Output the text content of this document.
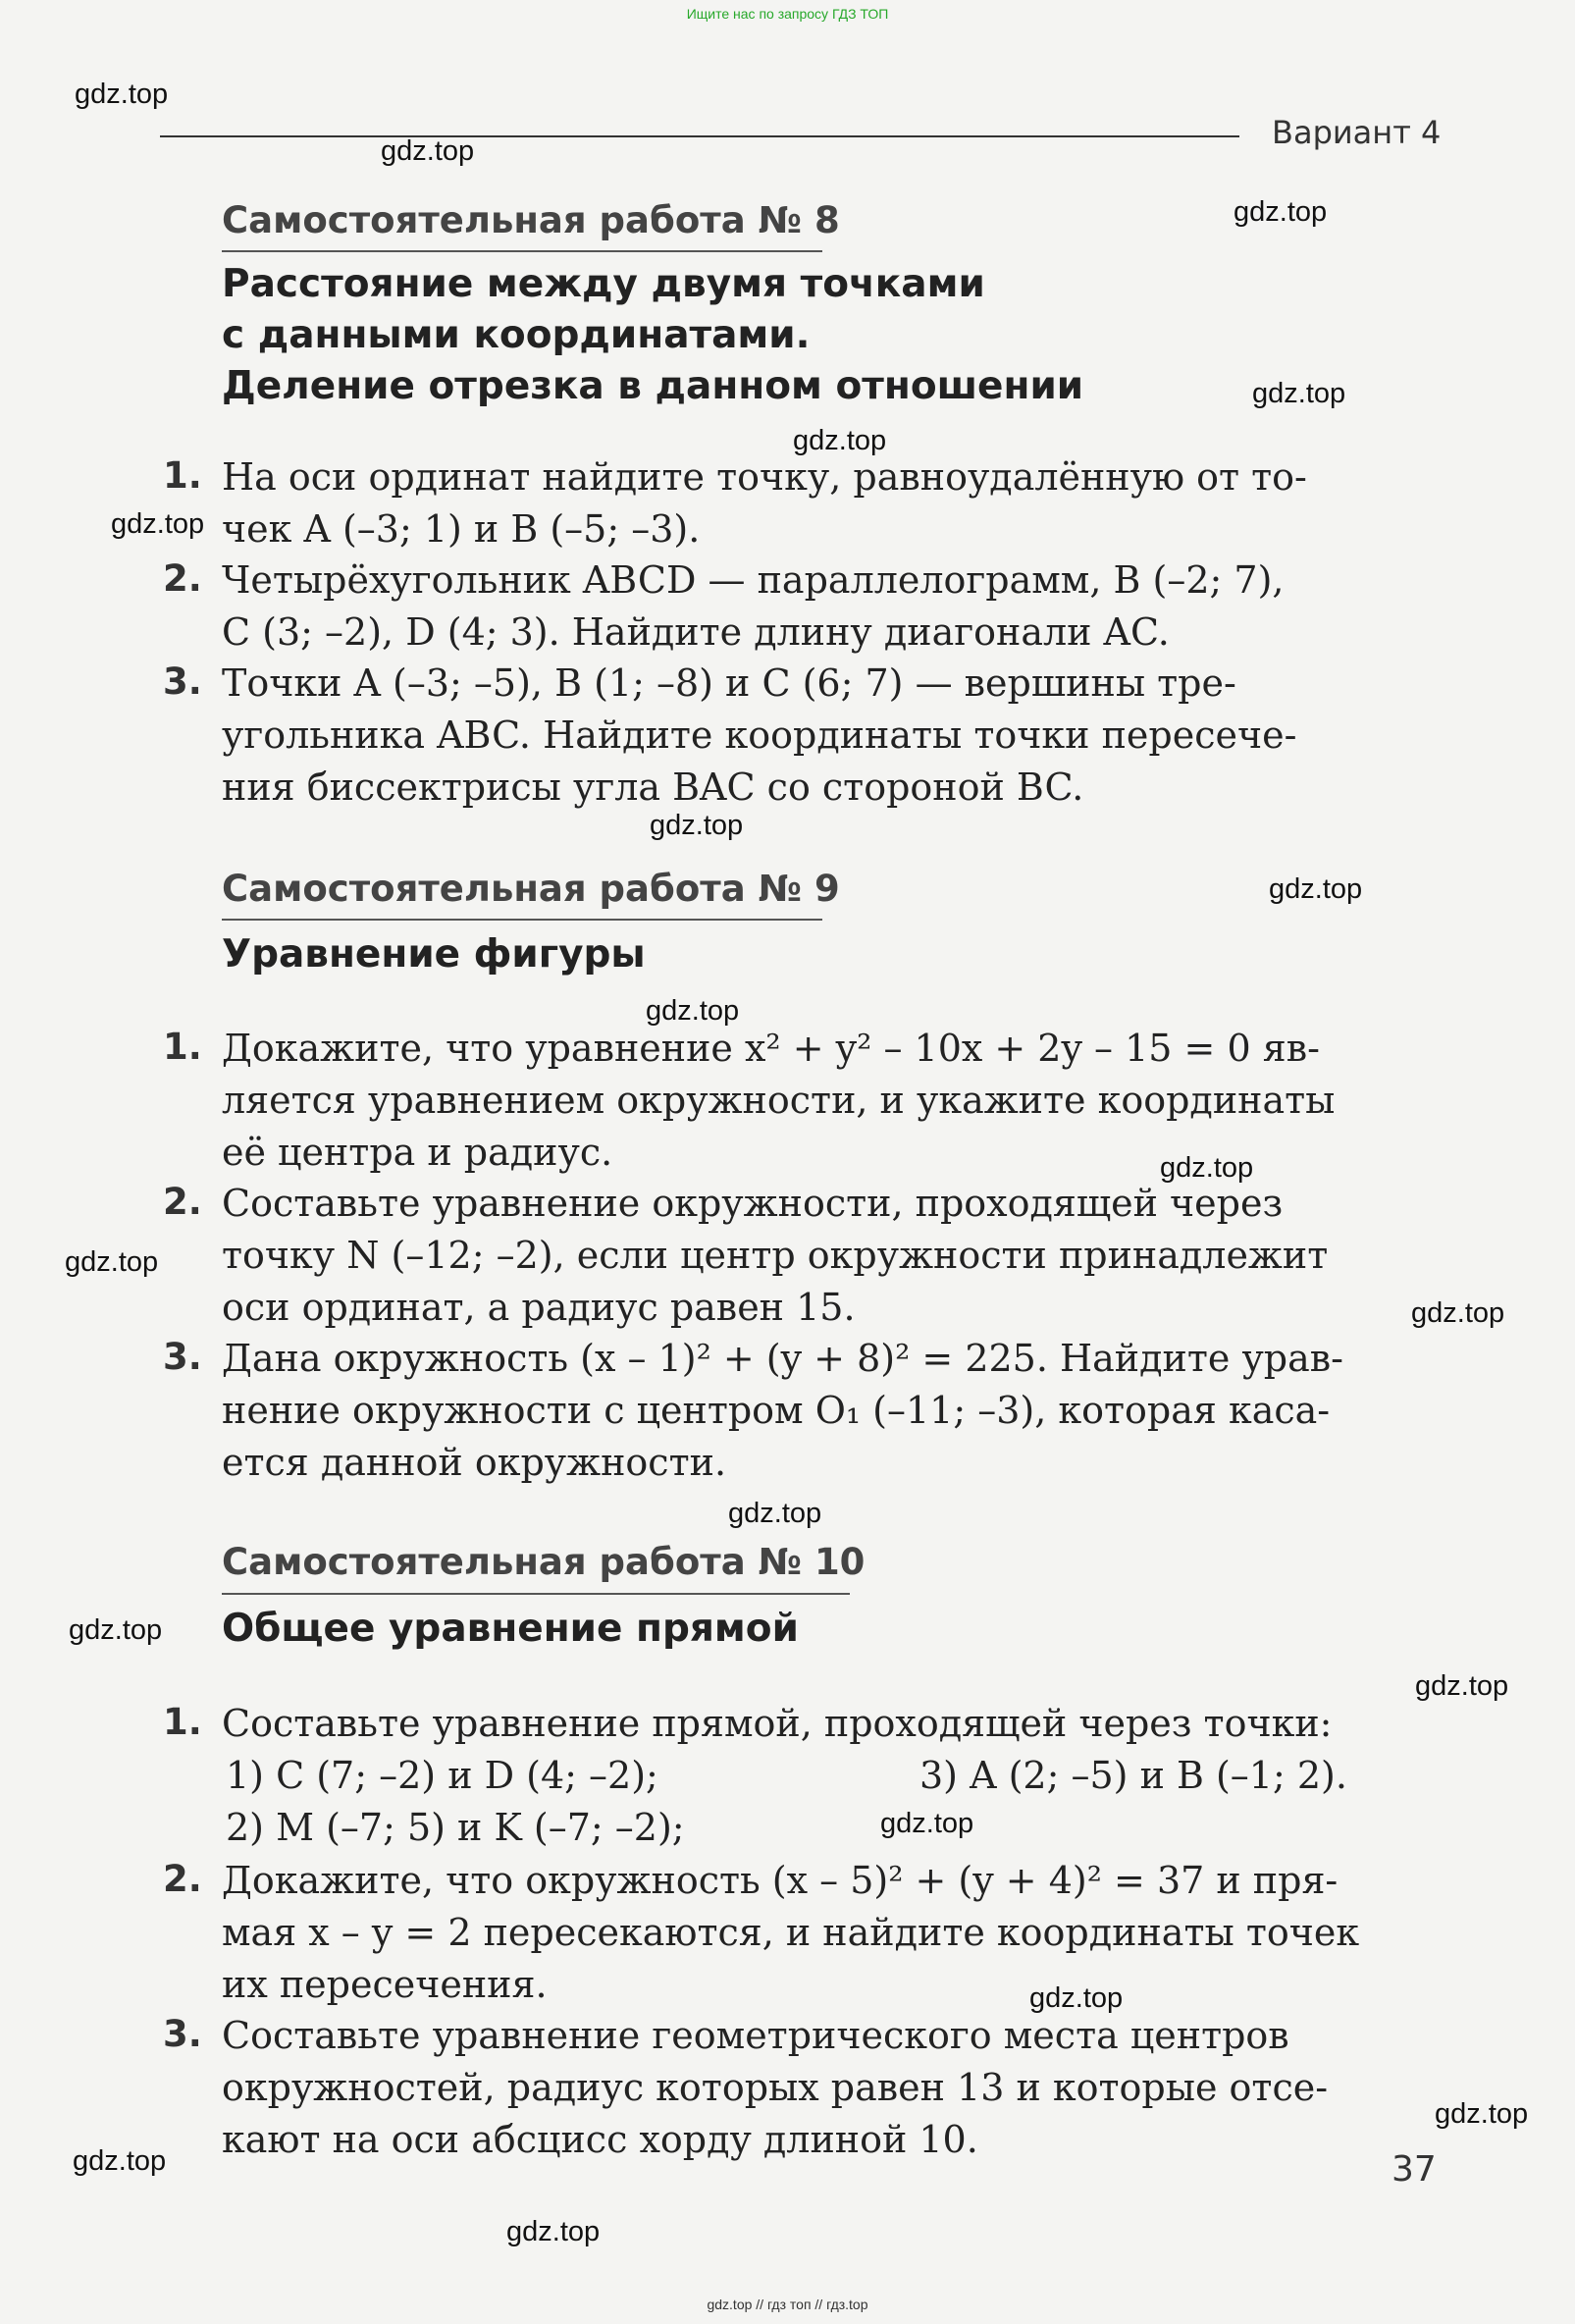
Ищите нас по запросу ГДЗ ТОП
Вариант 4
Самостоятельная работа № 8
Расстояние между двумя точками
с данными координатами.
Деление отрезка в данном отношении
1. На оси ординат найдите точку, равноудалённую от то-
чек A (–3; 1) и B (–5; –3).
2. Четырёхугольник ABCD — параллелограмм, B (–2; 7),
C (3; –2), D (4; 3). Найдите длину диагонали AC.
3. Точки A (–3; –5), B (1; –8) и C (6; 7) — вершины тре-
угольника ABC. Найдите координаты точки пересече-
ния биссектрисы угла BAC со стороной BC.
Самостоятельная работа № 9
Уравнение фигуры
1. Докажите, что уравнение x² + y² – 10x + 2y – 15 = 0 яв-
ляется уравнением окружности, и укажите координаты
её центра и радиус.
2. Составьте уравнение окружности, проходящей через
точку N (–12; –2), если центр окружности принадлежит
оси ординат, а радиус равен 15.
3. Дана окружность (x – 1)² + (y + 8)² = 225. Найдите урав-
нение окружности с центром O₁ (–11; –3), которая каса-
ется данной окружности.
Самостоятельная работа № 10
Общее уравнение прямой
1. Составьте уравнение прямой, проходящей через точки:
1) C (7; –2) и D (4; –2);	3) A (2; –5) и B (–1; 2).
2) M (–7; 5) и K (–7; –2);
2. Докажите, что окружность (x – 5)² + (y + 4)² = 37 и пря-
мая x – y = 2 пересекаются, и найдите координаты точек
их пересечения.
3. Составьте уравнение геометрического места центров
окружностей, радиус которых равен 13 и которые отсе-
кают на оси абсцисс хорду длиной 10.
37
gdz.top
gdz.top
gdz.top
gdz.top
gdz.top
gdz.top
gdz.top
gdz.top
gdz.top
gdz.top
gdz.top
gdz.top
gdz.top
gdz.top
gdz.top
gdz.top
gdz.top
gdz.top
gdz.top
gdz.top
gdz.top // гдз топ // гдз.top
